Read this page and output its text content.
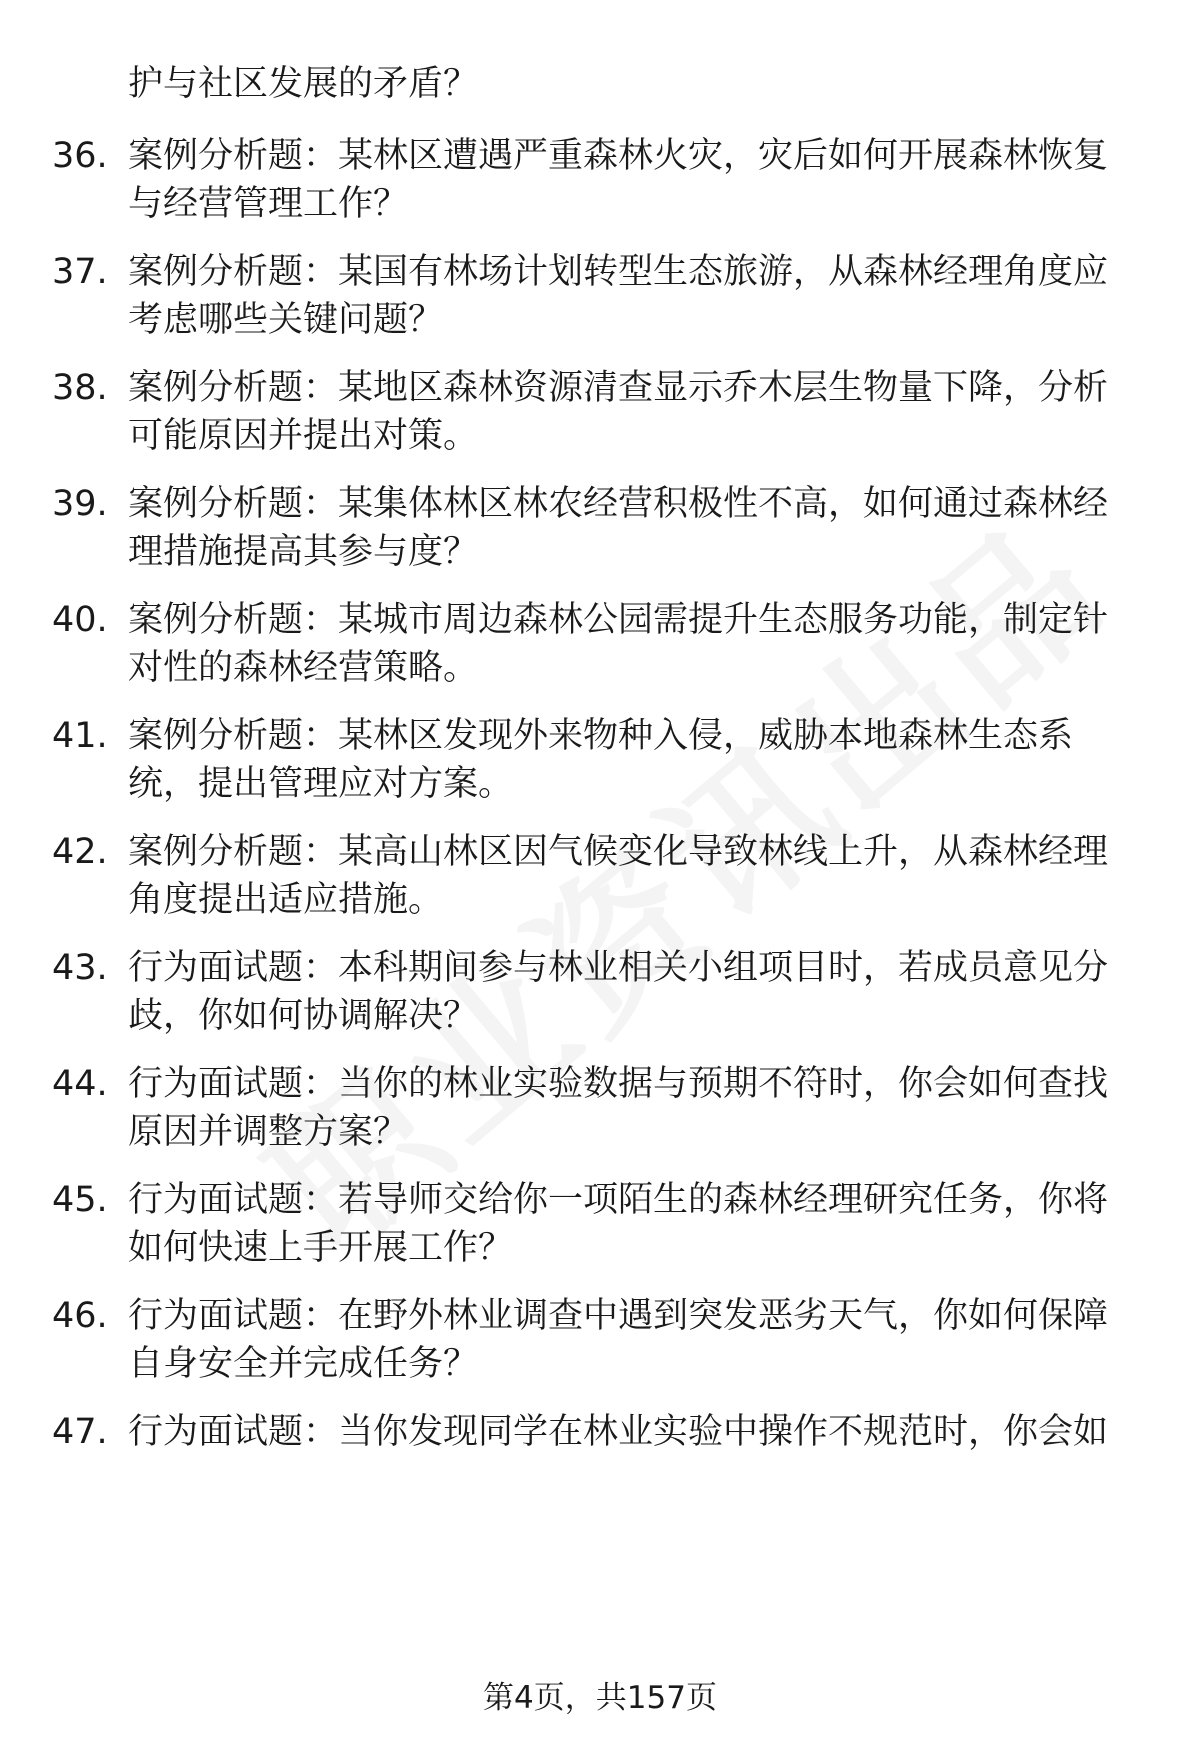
护与社区发展的矛盾？
36. 案例分析题：某林区遭遇严重森林火灾，灾后如何开展森林恢复
与经营管理工作？
37. 案例分析题：某国有林场计划转型生态旅游，从森林经理角度应
考虑哪些关键问题？
38. 案例分析题：某地区森林资源清查显示乔木层生物量下降，分析
可能原因并提出对策。
39. 案例分析题：某集体林区林农经营积极性不高，如何通过森林经
理措施提高其参与度？
40. 案例分析题：某城市周边森林公园需提升生态服务功能，制定针
对性的森林经营策略。
41. 案例分析题：某林区发现外来物种入侵，威胁本地森林生态系
统，提出管理应对方案。
42. 案例分析题：某高山林区因气候变化导致林线上升，从森林经理
角度提出适应措施。
43. 行为面试题：本科期间参与林业相关小组项目时，若成员意见分
歧，你如何协调解决？
44. 行为面试题：当你的林业实验数据与预期不符时，你会如何查找
原因并调整方案？
45. 行为面试题：若导师交给你一项陌生的森林经理研究任务，你将
如何快速上手开展工作？
46. 行为面试题：在野外林业调查中遇到突发恶劣天气，你如何保障
自身安全并完成任务？
47. 行为面试题：当你发现同学在林业实验中操作不规范时，你会如
第4页，共157页
